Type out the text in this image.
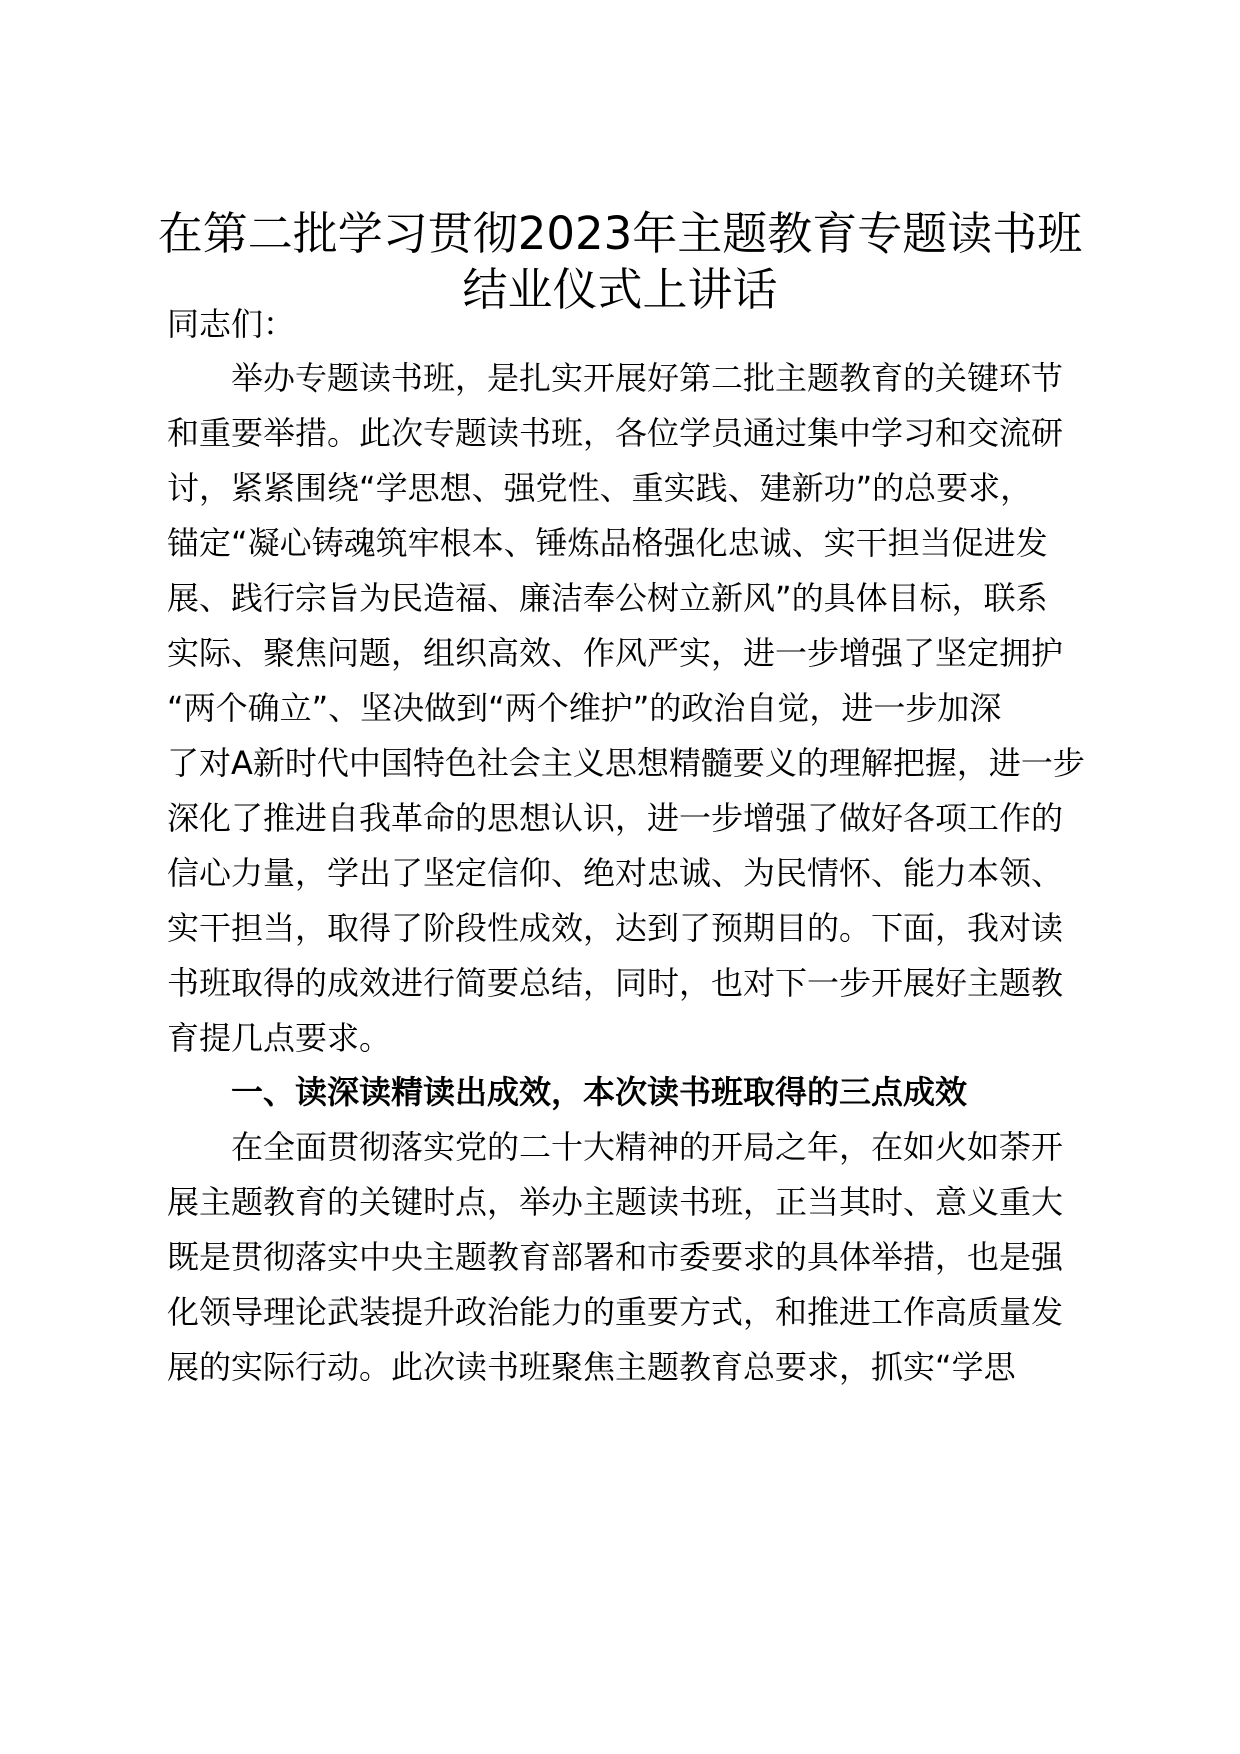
在第二批学习贯彻2023年主题教育专题读书班
结业仪式上讲话
同志们：
举办专题读书班，是扎实开展好第二批主题教育的关键环节
和重要举措。此次专题读书班，各位学员通过集中学习和交流研
讨，紧紧围绕“学思想、强党性、重实践、建新功”的总要求，
锚定“凝心铸魂筑牢根本、锤炼品格强化忠诚、实干担当促进发
展、践行宗旨为民造福、廉洁奉公树立新风”的具体目标，联系
实际、聚焦问题，组织高效、作风严实，进一步增强了坚定拥护
“两个确立”、坚决做到“两个维护”的政治自觉，进一步加深
了对A新时代中国特色社会主义思想精髓要义的理解把握，进一步
深化了推进自我革命的思想认识，进一步增强了做好各项工作的
信心力量，学出了坚定信仰、绝对忠诚、为民情怀、能力本领、
实干担当，取得了阶段性成效，达到了预期目的。下面，我对读
书班取得的成效进行简要总结，同时，也对下一步开展好主题教
育提几点要求。
一、读深读精读出成效，本次读书班取得的三点成效
在全面贯彻落实党的二十大精神的开局之年，在如火如荼开
展主题教育的关键时点，举办主题读书班，正当其时、意义重大
既是贯彻落实中央主题教育部署和市委要求的具体举措，也是强
化领导理论武装提升政治能力的重要方式，和推进工作高质量发
展的实际行动。此次读书班聚焦主题教育总要求，抓实“学思
